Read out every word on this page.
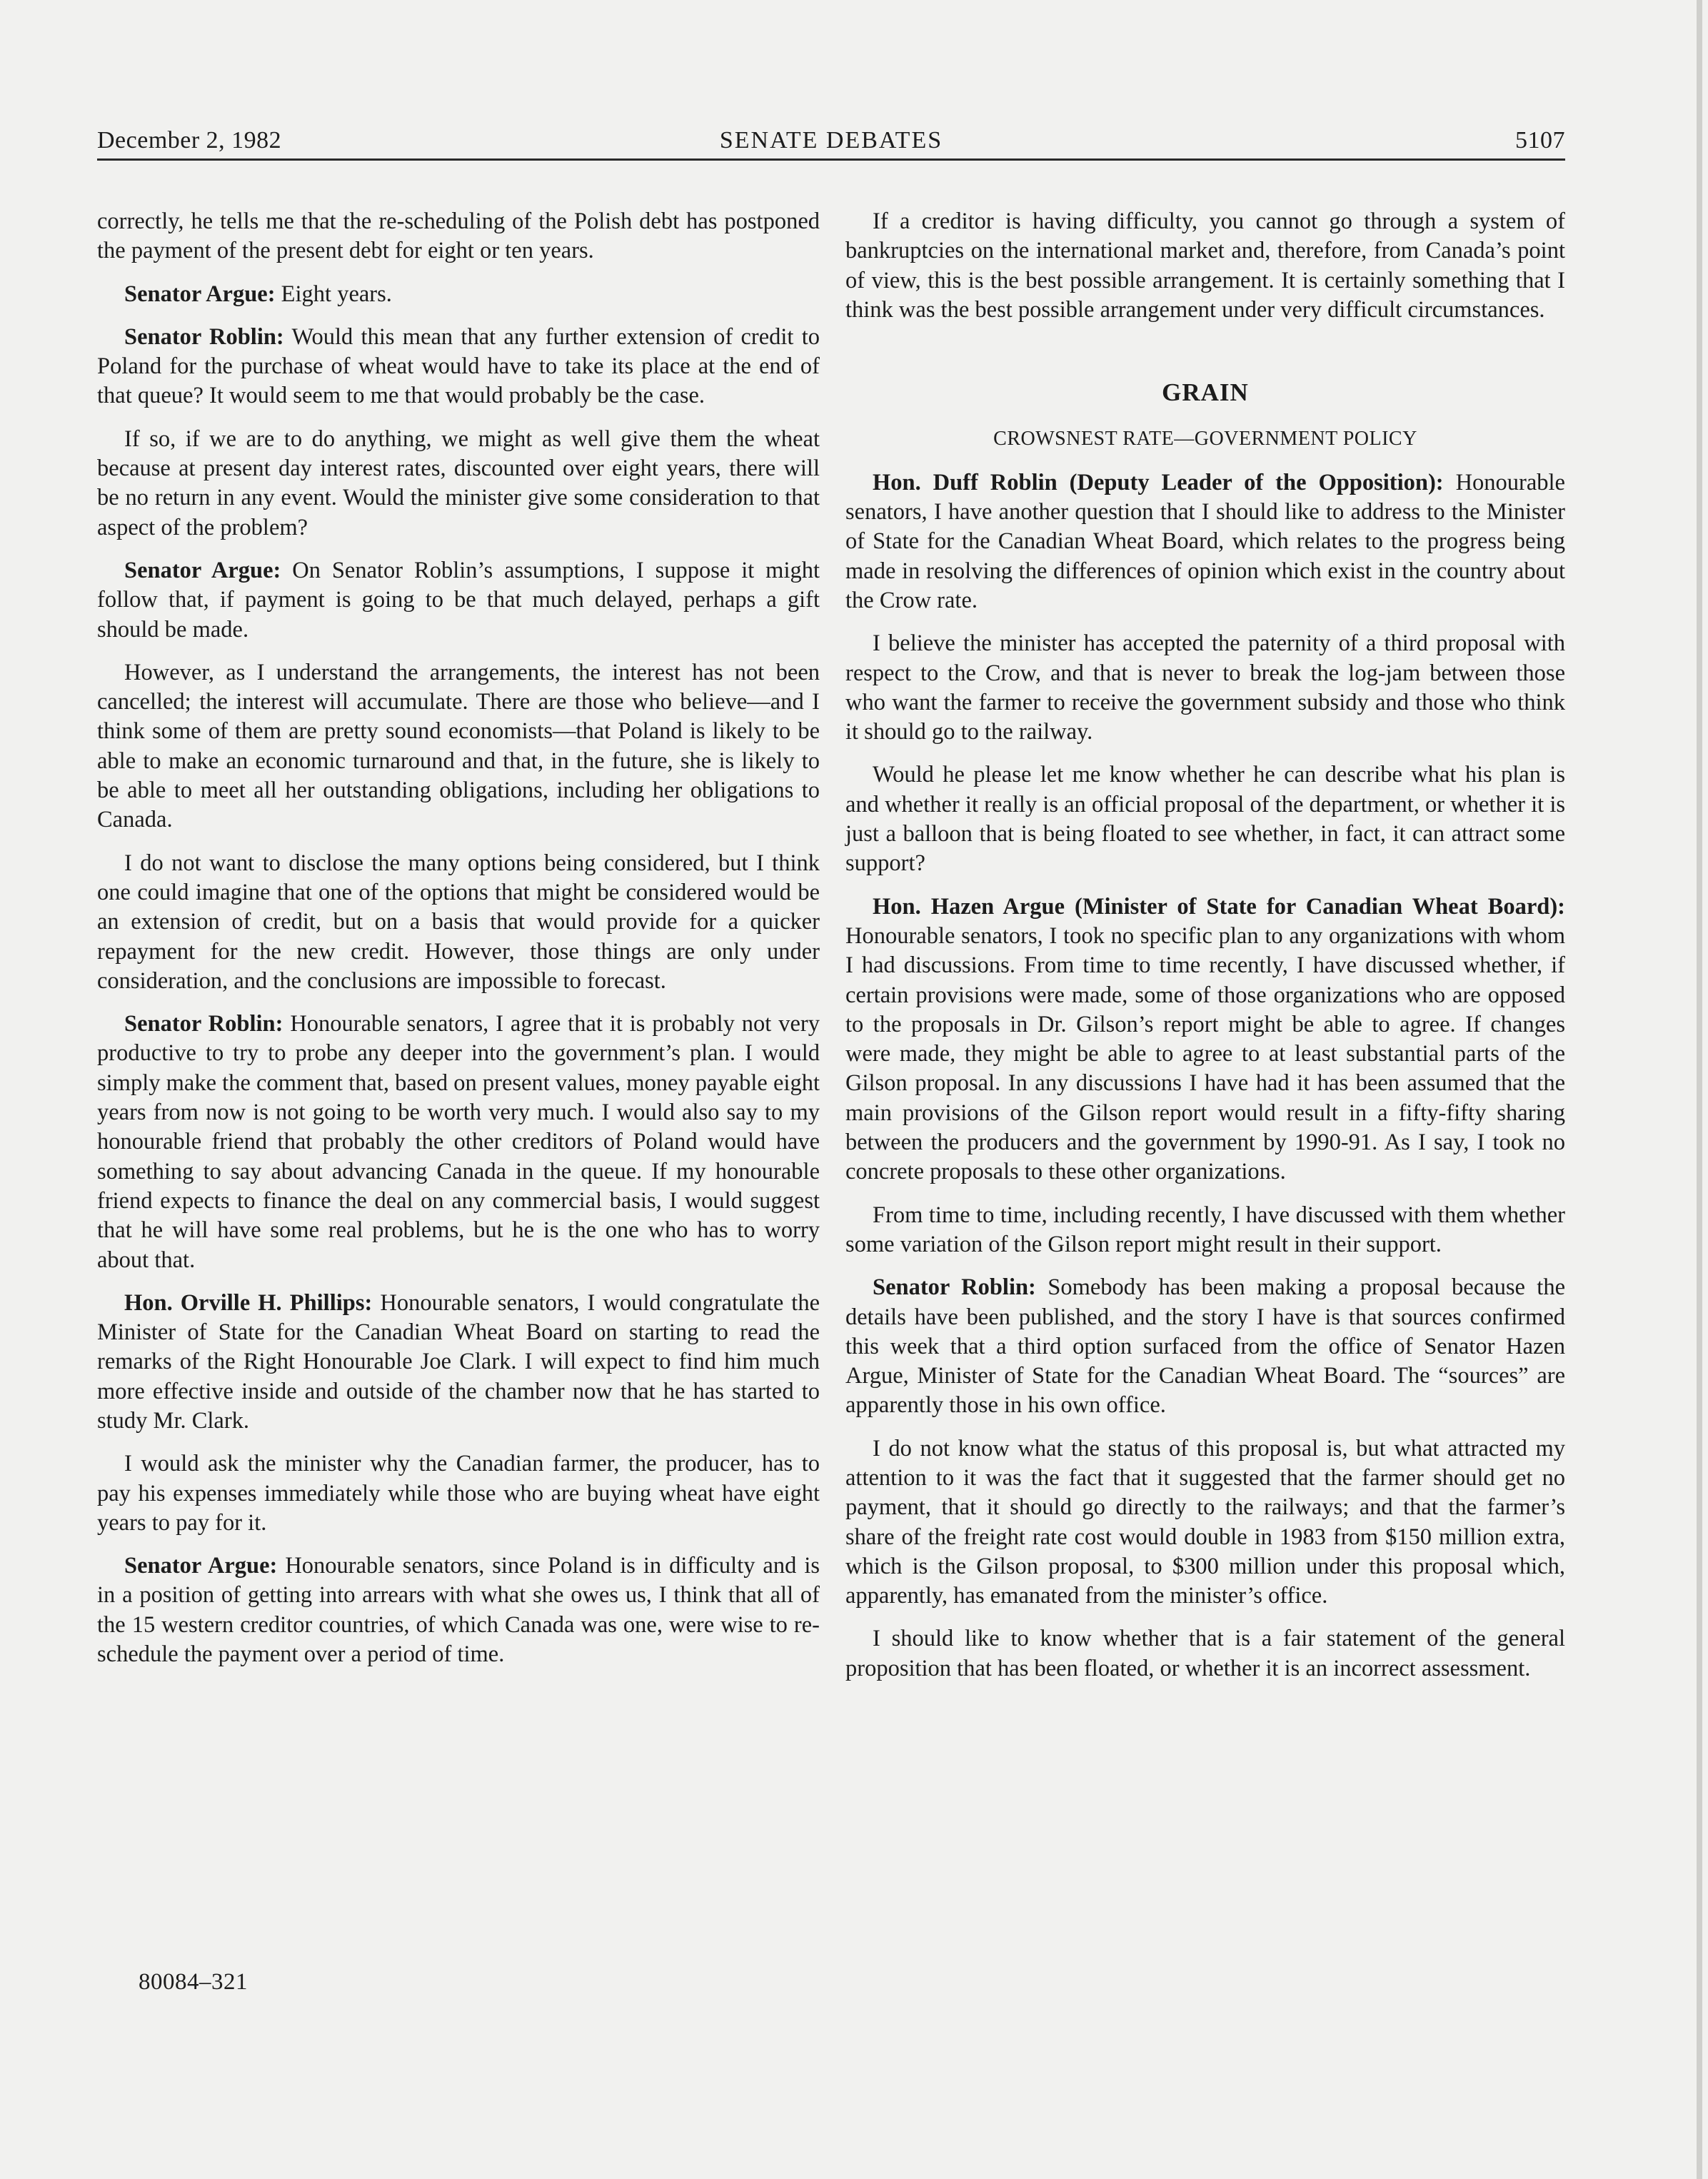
December 2, 1982	SENATE DEBATES	5107

correctly, he tells me that the re-scheduling of the Polish debt has postponed the payment of the present debt for eight or ten years.

Senator Argue: Eight years.

Senator Roblin: Would this mean that any further extension of credit to Poland for the purchase of wheat would have to take its place at the end of that queue? It would seem to me that would probably be the case.

If so, if we are to do anything, we might as well give them the wheat because at present day interest rates, discounted over eight years, there will be no return in any event. Would the minister give some consideration to that aspect of the problem?

Senator Argue: On Senator Roblin’s assumptions, I suppose it might follow that, if payment is going to be that much delayed, perhaps a gift should be made.

However, as I understand the arrangements, the interest has not been cancelled; the interest will accumulate. There are those who believe—and I think some of them are pretty sound economists—that Poland is likely to be able to make an economic turnaround and that, in the future, she is likely to be able to meet all her outstanding obligations, including her obligations to Canada.

I do not want to disclose the many options being considered, but I think one could imagine that one of the options that might be considered would be an extension of credit, but on a basis that would provide for a quicker repayment for the new credit. However, those things are only under consideration, and the conclusions are impossible to forecast.

Senator Roblin: Honourable senators, I agree that it is probably not very productive to try to probe any deeper into the government’s plan. I would simply make the comment that, based on present values, money payable eight years from now is not going to be worth very much. I would also say to my honourable friend that probably the other creditors of Poland would have something to say about advancing Canada in the queue. If my honourable friend expects to finance the deal on any commercial basis, I would suggest that he will have some real problems, but he is the one who has to worry about that.

Hon. Orville H. Phillips: Honourable senators, I would congratulate the Minister of State for the Canadian Wheat Board on starting to read the remarks of the Right Honourable Joe Clark. I will expect to find him much more effective inside and outside of the chamber now that he has started to study Mr. Clark.

I would ask the minister why the Canadian farmer, the producer, has to pay his expenses immediately while those who are buying wheat have eight years to pay for it.

Senator Argue: Honourable senators, since Poland is in difficulty and is in a position of getting into arrears with what she owes us, I think that all of the 15 western creditor countries, of which Canada was one, were wise to re-schedule the payment over a period of time.

If a creditor is having difficulty, you cannot go through a system of bankruptcies on the international market and, therefore, from Canada’s point of view, this is the best possible arrangement. It is certainly something that I think was the best possible arrangement under very difficult circumstances.

GRAIN
CROWSNEST RATE—GOVERNMENT POLICY

Hon. Duff Roblin (Deputy Leader of the Opposition): Honourable senators, I have another question that I should like to address to the Minister of State for the Canadian Wheat Board, which relates to the progress being made in resolving the differences of opinion which exist in the country about the Crow rate.

I believe the minister has accepted the paternity of a third proposal with respect to the Crow, and that is never to break the log-jam between those who want the farmer to receive the government subsidy and those who think it should go to the railway.

Would he please let me know whether he can describe what his plan is and whether it really is an official proposal of the department, or whether it is just a balloon that is being floated to see whether, in fact, it can attract some support?

Hon. Hazen Argue (Minister of State for Canadian Wheat Board): Honourable senators, I took no specific plan to any organizations with whom I had discussions. From time to time recently, I have discussed whether, if certain provisions were made, some of those organizations who are opposed to the proposals in Dr. Gilson’s report might be able to agree. If changes were made, they might be able to agree to at least substantial parts of the Gilson proposal. In any discussions I have had it has been assumed that the main provisions of the Gilson report would result in a fifty-fifty sharing between the producers and the government by 1990-91. As I say, I took no concrete proposals to these other organizations.

From time to time, including recently, I have discussed with them whether some variation of the Gilson report might result in their support.

Senator Roblin: Somebody has been making a proposal because the details have been published, and the story I have is that sources confirmed this week that a third option surfaced from the office of Senator Hazen Argue, Minister of State for the Canadian Wheat Board. The “sources” are apparently those in his own office.

I do not know what the status of this proposal is, but what attracted my attention to it was the fact that it suggested that the farmer should get no payment, that it should go directly to the railways; and that the farmer’s share of the freight rate cost would double in 1983 from $150 million extra, which is the Gilson proposal, to $300 million under this proposal which, apparently, has emanated from the minister’s office.

I should like to know whether that is a fair statement of the general proposition that has been floated, or whether it is an incorrect assessment.

80084–321
